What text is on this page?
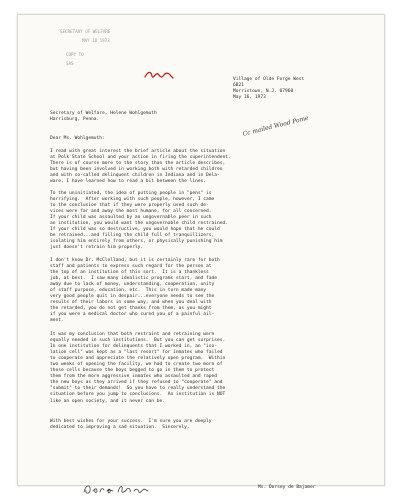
SECRETARY OF WELFARE
MAY 18 1973
COPY TO
SAS
Village of Olde Forge West
6B21
Morristown, N.J. 07960
May 16, 1973
Cc mailed Wood Pome
Secretary of Welfare, Helene Wohlgemuth
Harrisburg, Penna.
Dear Ms. Wohlgemuth:
I read with great interest the brief article about the situation
at Polk State School and your action in firing the superintendent.
There is of course more to the story than the article describes,
but having been involved in working both with retarded children
and with so-called delinquent children in Indiana and in Dela-
ware, I have learned how to read a bit between the lines.
To the uninitiated, the idea of putting people in "pens" is
horrifying.  After working with such people, however, I came
to the conclusion that if they were properly used such de-
vices were far and away the most humane, for all concerned.
If your child was assaulted by an ungovernable peer in such
an institution, you would want the ungovernable child restrained.
If your child was so destructive, you would hope that he could
be retrained...and filling the child full of tranquillizers,
isolating him entirely from others, or physically punishing him
just doesn't retrain him properly.
I don't know Dr. McClelland, but it is certainly rare for both
staff and patients to express such regard for the person at
the top of an institution of this sort.  It is a thankless
job, at best.  I saw many idealistic programs start, and fade
away due to lack of money, understanding, cooperation, unity
of staff purpose, education, etc.  This in turn made many
very good people quit in despair...everyone needs to see the
results of their labors in some way, and when you deal with
the retarded, you do not get thanks from them, as you might
if you were a medical doctor who cured you of a painful ail-
ment.
It was my conclusion that both restraint and retraining were
equally needed in such institutions.  But you can get surprises.
In one institution for delinquents that I worked in, an "iso-
lation cell" was kept as a "last resort" for inmates who failed
to cooperate and appreciate the relatively open program.  Within
two weeks of opening the facility, we had to create two more of
these cells because the boys begged to go in them to protect
them from the more aggressive inmates who assaulted and raped
the new boys as they arrived if they refused to "cooperate" and
"submit" to their demands!  So you have to really understand the
situation before you jump to conclusions.  An institution is NOT
like an open society, and it never can be.
With best wishes for your success.  I'm sure you are deeply
dedicated to improving a sad situation.  Sincerely,
Ms. Dorsey de Bajamer
